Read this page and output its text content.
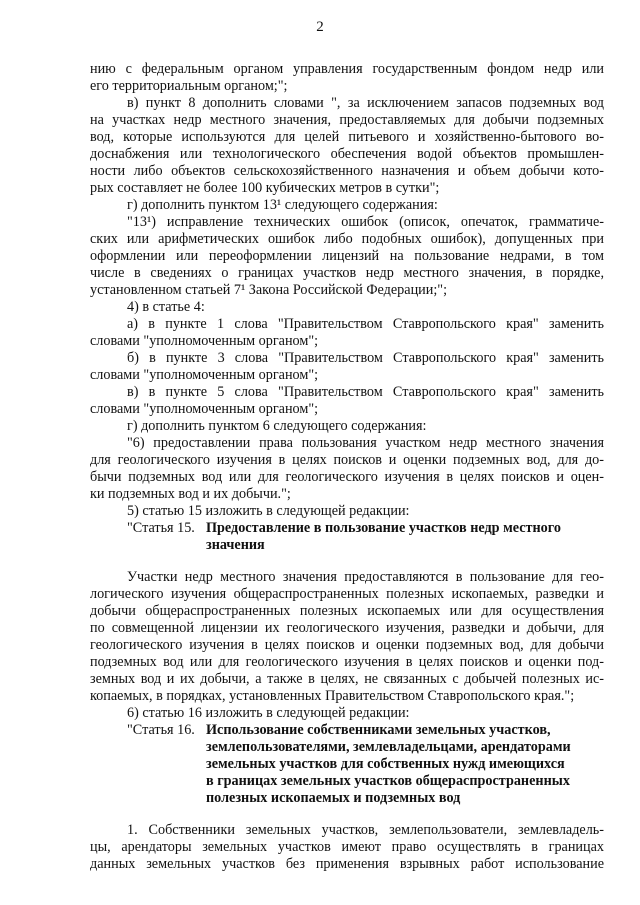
2
нию с федеральным органом управления государственным фондом недр или
его территориальным органом;";
в) пункт 8 дополнить словами ", за исключением запасов подземных вод
на участках недр местного значения, предоставляемых для добычи подземных
вод, которые используются для целей питьевого и хозяйственно-бытового во-
доснабжения или технологического обеспечения водой объектов промышлен-
ности либо объектов сельскохозяйственного назначения и объем добычи кото-
рых составляет не более 100 кубических метров в сутки";
г) дополнить пунктом 13¹ следующего содержания:
"13¹) исправление технических ошибок (описок, опечаток, грамматиче-
ских или арифметических ошибок либо подобных ошибок), допущенных при
оформлении или переоформлении лицензий на пользование недрами, в том
числе в сведениях о границах участков недр местного значения, в порядке,
установленном статьей 7¹ Закона Российской Федерации;";
4) в статье 4:
а) в пункте 1 слова "Правительством Ставропольского края" заменить
словами "уполномоченным органом";
б) в пункте 3 слова "Правительством Ставропольского края" заменить
словами "уполномоченным органом";
в) в пункте 5 слова "Правительством Ставропольского края" заменить
словами "уполномоченным органом";
г) дополнить пунктом 6 следующего содержания:
"6) предоставлении права пользования участком недр местного значения
для геологического изучения в целях поисков и оценки подземных вод, для до-
бычи подземных вод или для геологического изучения в целях поисков и оцен-
ки подземных вод и их добычи.";
5) статью 15 изложить в следующей редакции:
"Статья 15. Предоставление в пользование участков недр местного
значения
Участки недр местного значения предоставляются в пользование для гео-
логического изучения общераспространенных полезных ископаемых, разведки и
добычи общераспространенных полезных ископаемых или для осуществления
по совмещенной лицензии их геологического изучения, разведки и добычи, для
геологического изучения в целях поисков и оценки подземных вод, для добычи
подземных вод или для геологического изучения в целях поисков и оценки под-
земных вод и их добычи, а также в целях, не связанных с добычей полезных ис-
копаемых, в порядках, установленных Правительством Ставропольского края.";
6) статью 16 изложить в следующей редакции:
"Статья 16. Использование собственниками земельных участков,
землепользователями, землевладельцами, арендаторами
земельных участков для собственных нужд имеющихся
в границах земельных участков общераспространенных
полезных ископаемых и подземных вод
1. Собственники земельных участков, землепользователи, землевладель-
цы, арендаторы земельных участков имеют право осуществлять в границах
данных земельных участков без применения взрывных работ использование
